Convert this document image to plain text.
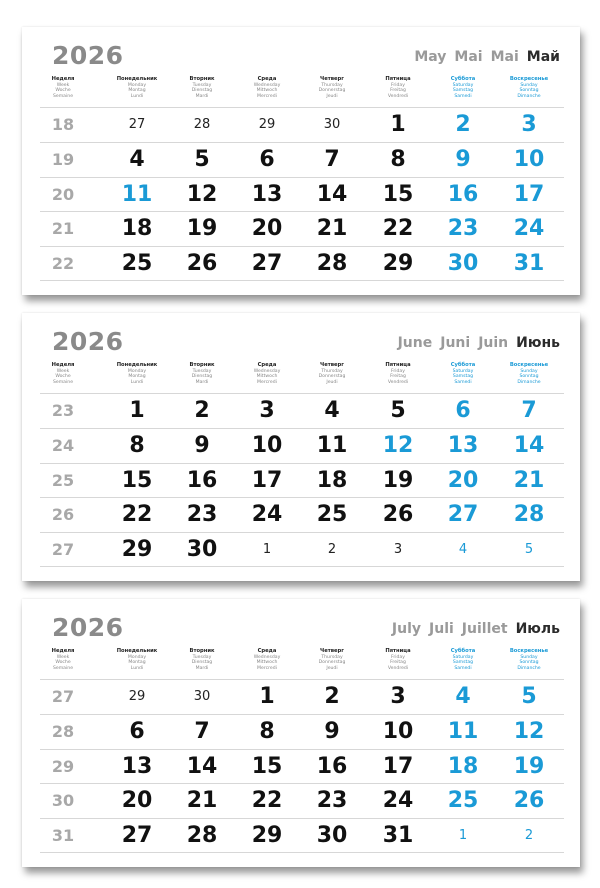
2026	May Mai Mai Май
Неделя
Week
Woche
Semaine
Понедельник
Monday
Montag
Lundi
Вторник
Tuesday
Dienstag
Mardi
Среда
Wednesday
Mittwoch
Mercredi
Четверг
Thursday
Donnerstag
Jeudi
Пятница
Friday
Freitag
Vendredi
Суббота
Saturday
Samstag
Samedi
Воскресенье
Sunday
Sonntag
Dimanche
18	27	28	29	30	1	2	3
19	4	5	6	7	8	9	10
20	11	12	13	14	15	16	17
21	18	19	20	21	22	23	24
22	25	26	27	28	29	30	31
2026	June Juni Juin Июнь
Неделя
Week
Woche
Semaine
Понедельник
Monday
Montag
Lundi
Вторник
Tuesday
Dienstag
Mardi
Среда
Wednesday
Mittwoch
Mercredi
Четверг
Thursday
Donnerstag
Jeudi
Пятница
Friday
Freitag
Vendredi
Суббота
Saturday
Samstag
Samedi
Воскресенье
Sunday
Sonntag
Dimanche
23	1	2	3	4	5	6	7
24	8	9	10	11	12	13	14
25	15	16	17	18	19	20	21
26	22	23	24	25	26	27	28
27	29	30	1	2	3	4	5
2026	July Juli Juillet Июль
Неделя
Week
Woche
Semaine
Понедельник
Monday
Montag
Lundi
Вторник
Tuesday
Dienstag
Mardi
Среда
Wednesday
Mittwoch
Mercredi
Четверг
Thursday
Donnerstag
Jeudi
Пятница
Friday
Freitag
Vendredi
Суббота
Saturday
Samstag
Samedi
Воскресенье
Sunday
Sonntag
Dimanche
27	29	30	1	2	3	4	5
28	6	7	8	9	10	11	12
29	13	14	15	16	17	18	19
30	20	21	22	23	24	25	26
31	27	28	29	30	31	1	2
